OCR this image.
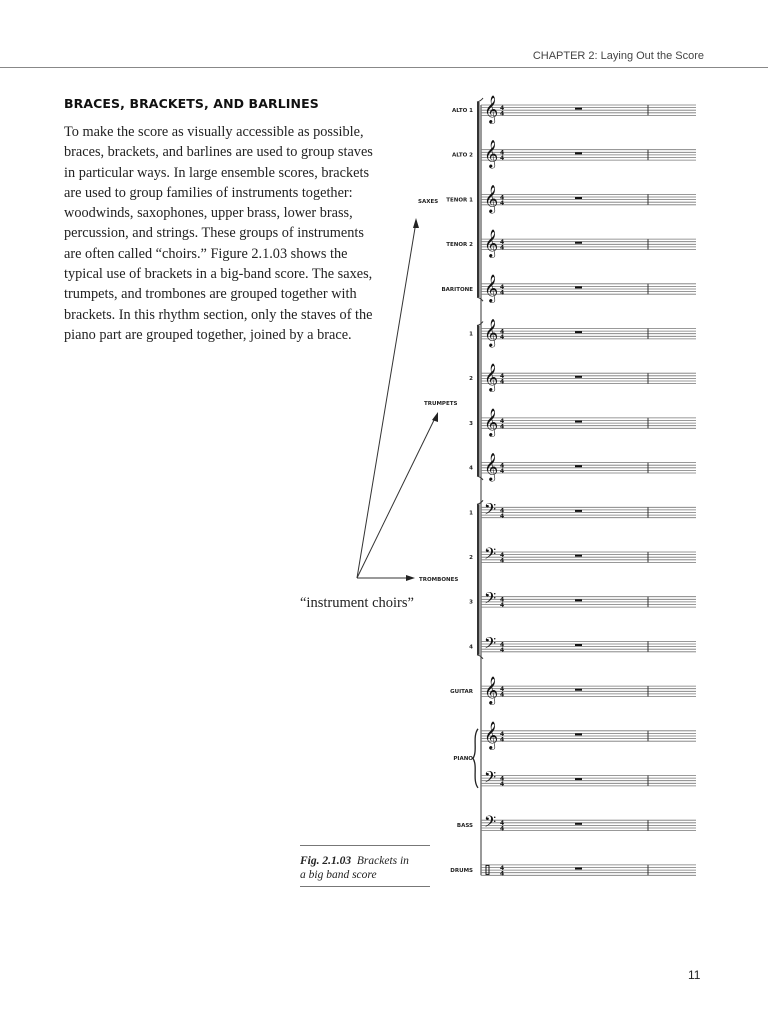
CHAPTER 2: Laying Out the Score
BRACES, BRACKETS, AND BARLINES
To make the score as visually accessible as possible,
braces, brackets, and barlines are used to group staves
in particular ways. In large ensemble scores, brackets
are used to group families of instruments together:
woodwinds, saxophones, upper brass, lower brass,
percussion, and strings. These groups of instruments
are often called “choirs.” Figure 2.1.03 shows the
typical use of brackets in a big-band score. The saxes,
trumpets, and trombones are grouped together with
brackets. In this rhythm section, only the staves of the
piano part are grouped together, joined by a brace.
SAXES
TRUMPETS
TROMBONES
𝄞 4
4
ALTO 1
𝄞 4
4
ALTO 2
𝄞 4
4
TENOR 1
𝄞 4
4
TENOR 2
𝄞 4
4
BARITONE
𝄞 4
4
1
𝄞 4
4
2
𝄞 4
4
3
𝄞 4
4
4
𝄢 4
4
1
𝄢 4
4
2
𝄢 4
4
3
𝄢 4
4
4
𝄞 4
4
GUITAR
𝄞 4
4
𝄢 4
4
PIANO
𝄢 4
4
BASS
4
4
DRUMS
“instrument choirs”
Fig. 2.1.03 Brackets in
a big band score
11
